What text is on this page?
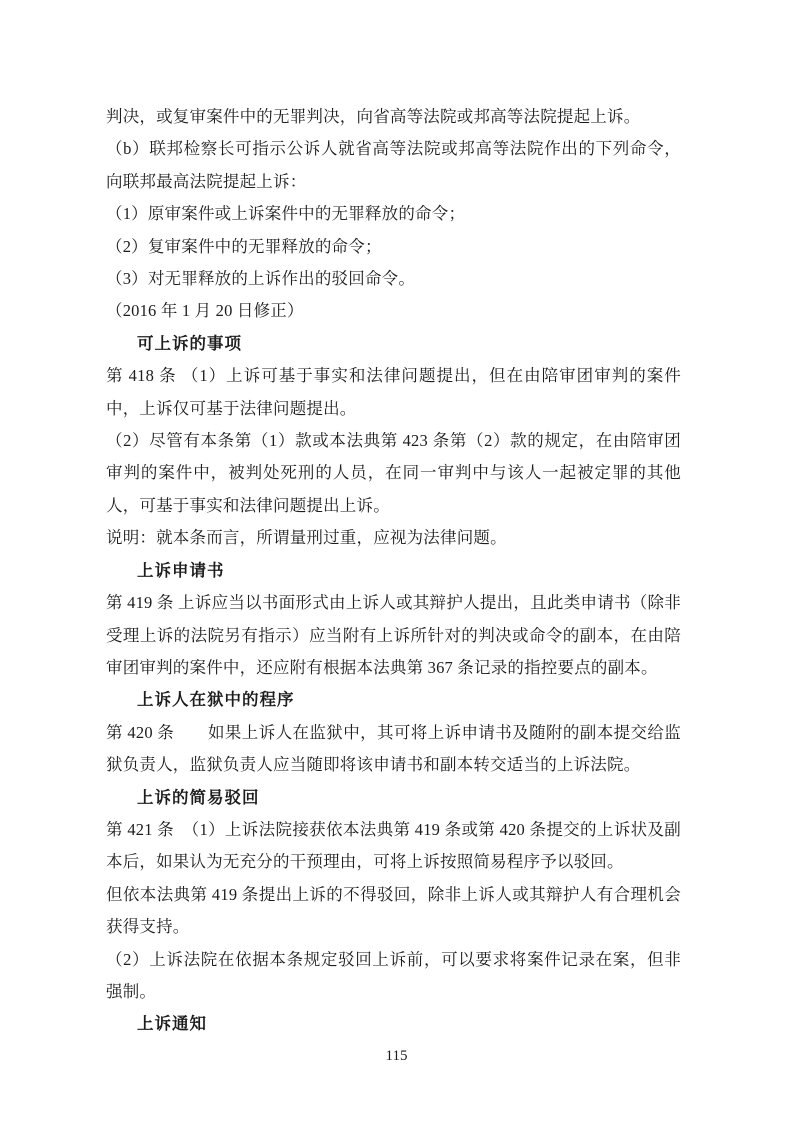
判决，或复审案件中的无罪判决，向省高等法院或邦高等法院提起上诉。

（b）联邦检察长可指示公诉人就省高等法院或邦高等法院作出的下列命令，向联邦最高法院提起上诉：

（1）原审案件或上诉案件中的无罪释放的命令；

（2）复审案件中的无罪释放的命令；

（3）对无罪释放的上诉作出的驳回命令。

（2016 年 1 月 20 日修正）

可上诉的事项

第 418 条 （1）上诉可基于事实和法律问题提出，但在由陪审团审判的案件中，上诉仅可基于法律问题提出。

（2）尽管有本条第（1）款或本法典第 423 条第（2）款的规定，在由陪审团审判的案件中，被判处死刑的人员，在同一审判中与该人一起被定罪的其他人，可基于事实和法律问题提出上诉。

说明：就本条而言，所谓量刑过重，应视为法律问题。

上诉申请书

第 419 条 上诉应当以书面形式由上诉人或其辩护人提出，且此类申请书（除非受理上诉的法院另有指示）应当附有上诉所针对的判决或命令的副本，在由陪审团审判的案件中，还应附有根据本法典第 367 条记录的指控要点的副本。

上诉人在狱中的程序

第 420 条　　如果上诉人在监狱中，其可将上诉申请书及随附的副本提交给监狱负责人，监狱负责人应当随即将该申请书和副本转交适当的上诉法院。

上诉的简易驳回

第 421 条　（1）上诉法院接获依本法典第 419 条或第 420 条提交的上诉状及副本后，如果认为无充分的干预理由，可将上诉按照简易程序予以驳回。

但依本法典第 419 条提出上诉的不得驳回，除非上诉人或其辩护人有合理机会获得支持。

（2）上诉法院在依据本条规定驳回上诉前，可以要求将案件记录在案，但非强制。

上诉通知

115
